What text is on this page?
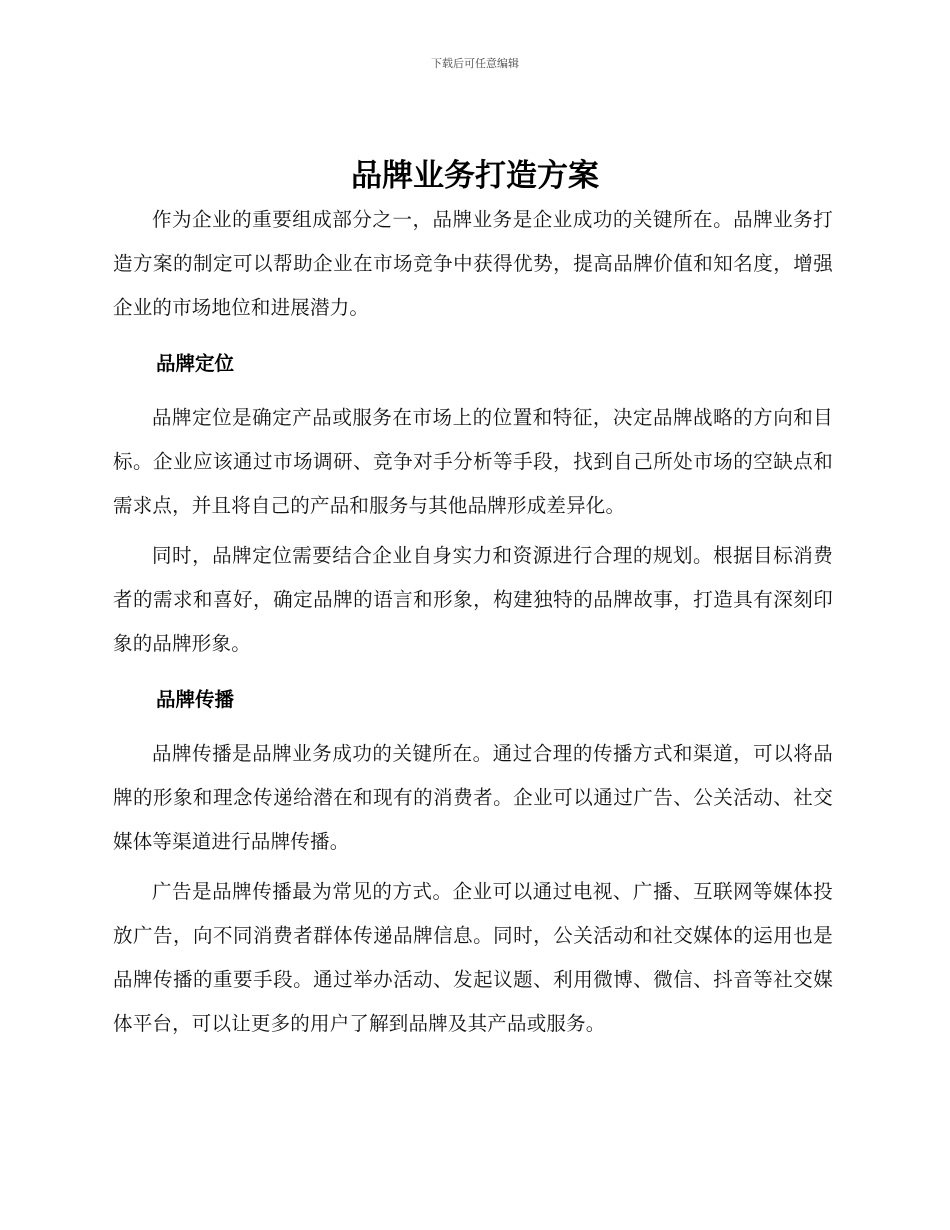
下载后可任意编辑
品牌业务打造方案

作为企业的重要组成部分之一，品牌业务是企业成功的关键所在。品牌业务打造方案的制定可以帮助企业在市场竞争中获得优势，提高品牌价值和知名度，增强企业的市场地位和进展潜力。

品牌定位

品牌定位是确定产品或服务在市场上的位置和特征，决定品牌战略的方向和目标。企业应该通过市场调研、竞争对手分析等手段，找到自己所处市场的空缺点和需求点，并且将自己的产品和服务与其他品牌形成差异化。

同时，品牌定位需要结合企业自身实力和资源进行合理的规划。根据目标消费者的需求和喜好，确定品牌的语言和形象，构建独特的品牌故事，打造具有深刻印象的品牌形象。

品牌传播

品牌传播是品牌业务成功的关键所在。通过合理的传播方式和渠道，可以将品牌的形象和理念传递给潜在和现有的消费者。企业可以通过广告、公关活动、社交媒体等渠道进行品牌传播。

广告是品牌传播最为常见的方式。企业可以通过电视、广播、互联网等媒体投放广告，向不同消费者群体传递品牌信息。同时，公关活动和社交媒体的运用也是品牌传播的重要手段。通过举办活动、发起议题、利用微博、微信、抖音等社交媒体平台，可以让更多的用户了解到品牌及其产品或服务。
